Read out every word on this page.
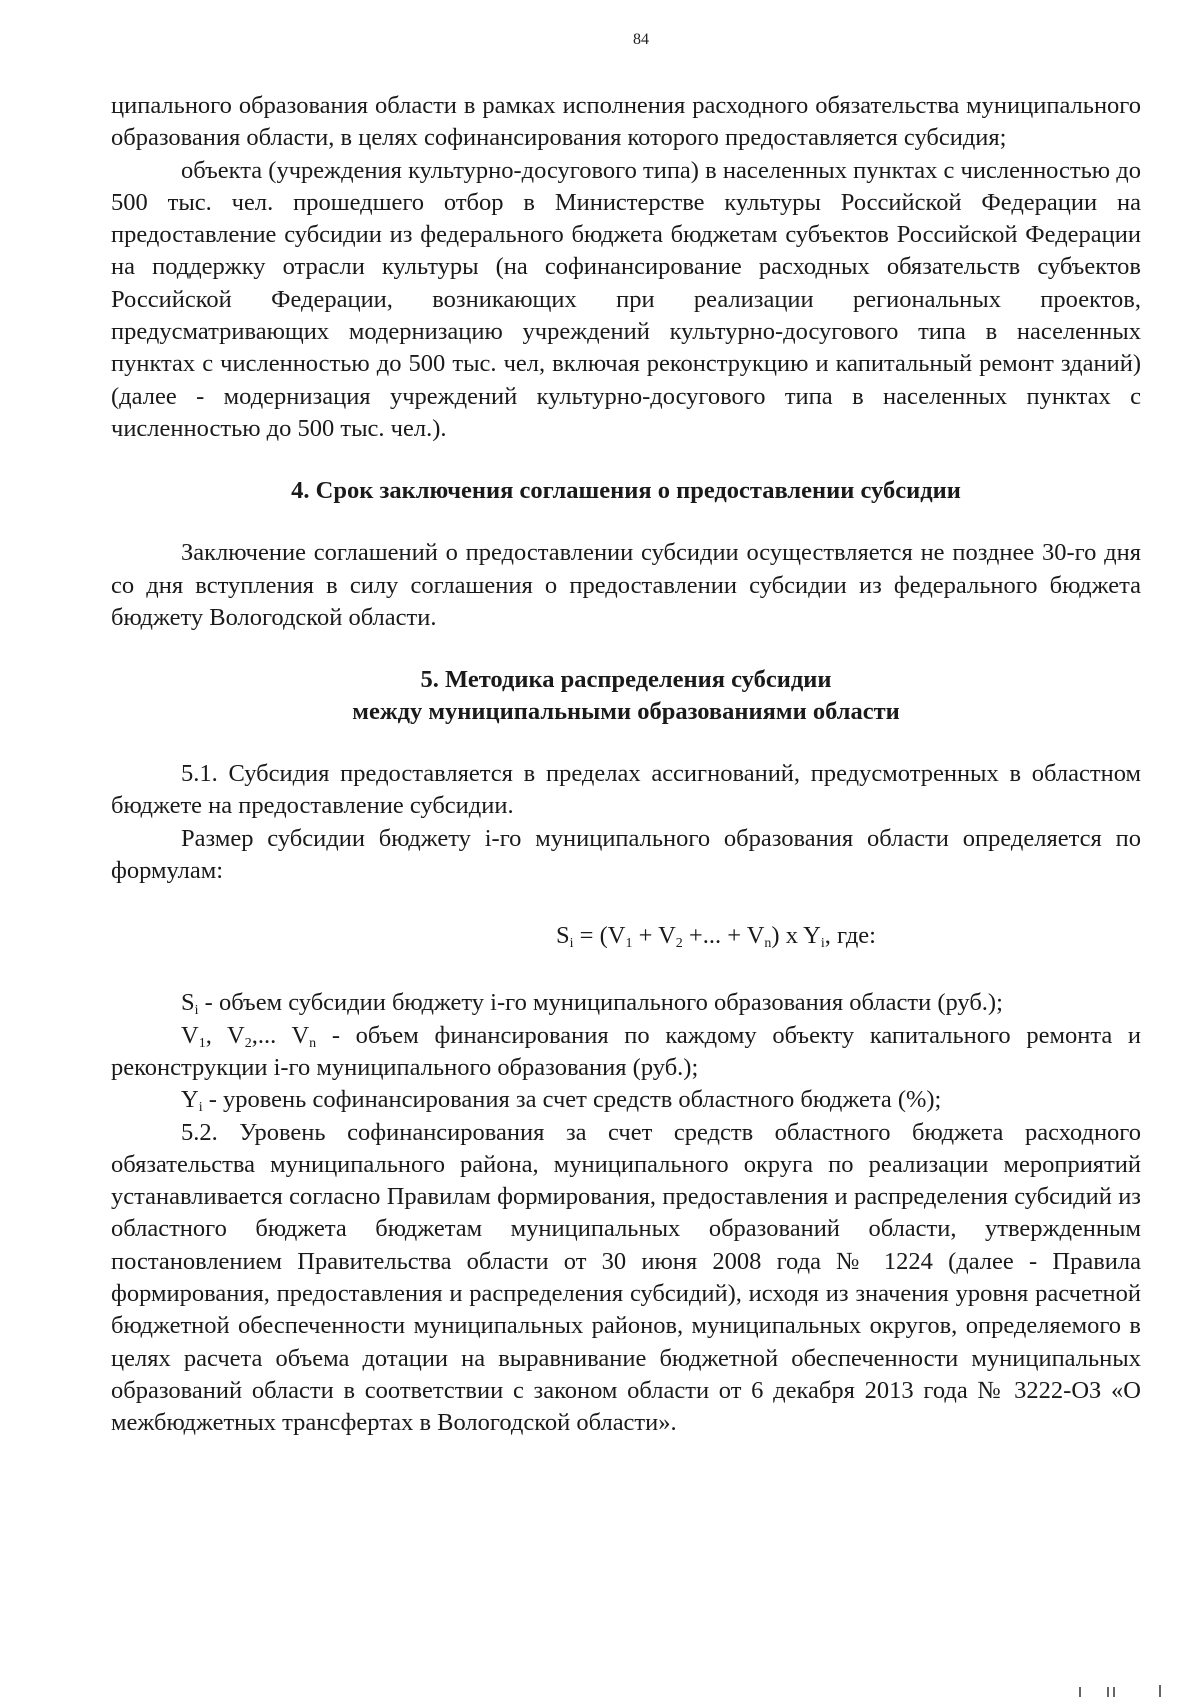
84

ципального образования области в рамках исполнения расходного обязательства муниципального образования области, в целях софинансирования которого предоставляется субсидия;

объекта (учреждения культурно-досугового типа) в населенных пунктах с численностью до 500 тыс. чел. прошедшего отбор в Министерстве культуры Российской Федерации на предоставление субсидии из федерального бюджета бюджетам субъектов Российской Федерации на поддержку отрасли культуры (на софинансирование расходных обязательств субъектов Российской Федерации, возникающих при реализации региональных проектов, предусматривающих модернизацию учреждений культурно-досугового типа в населенных пунктах с численностью до 500 тыс. чел, включая реконструкцию и капитальный ремонт зданий) (далее - модернизация учреждений культурно-досугового типа в населенных пунктах с численностью до 500 тыс. чел.).

4. Срок заключения соглашения о предоставлении субсидии

Заключение соглашений о предоставлении субсидии осуществляется не позднее 30-го дня со дня вступления в силу соглашения о предоставлении субсидии из федерального бюджета бюджету Вологодской области.

5. Методика распределения субсидии
между муниципальными образованиями области

5.1. Субсидия предоставляется в пределах ассигнований, предусмотренных в областном бюджете на предоставление субсидии.

Размер субсидии бюджету i-го муниципального образования области определяется по формулам:

$S_i = (V_1 + V_2$ +... + $V_n$) x $Y_i$, где:

$S_i$ - объем субсидии бюджету i-го муниципального образования области (руб.);

$V_1$, $V_2$,... $V_n$ - объем финансирования по каждому объекту капитального ремонта и реконструкции i-го муниципального образования (руб.);

$Y_i$ - уровень софинансирования за счет средств областного бюджета (%);

5.2. Уровень софинансирования за счет средств областного бюджета расходного обязательства муниципального района, муниципального округа по реализации мероприятий устанавливается согласно Правилам формирования, предоставления и распределения субсидий из областного бюджета бюджетам муниципальных образований области, утвержденным постановлением Правительства области от 30 июня 2008 года № 1224 (далее - Правила формирования, предоставления и распределения субсидий), исходя из значения уровня расчетной бюджетной обеспеченности муниципальных районов, муниципальных округов, определяемого в целях расчета объема дотации на выравнивание бюджетной обеспеченности муниципальных образований области в соответствии с законом области от 6 декабря 2013 года № 3222-ОЗ «О межбюджетных трансфертах в Вологодской области».
